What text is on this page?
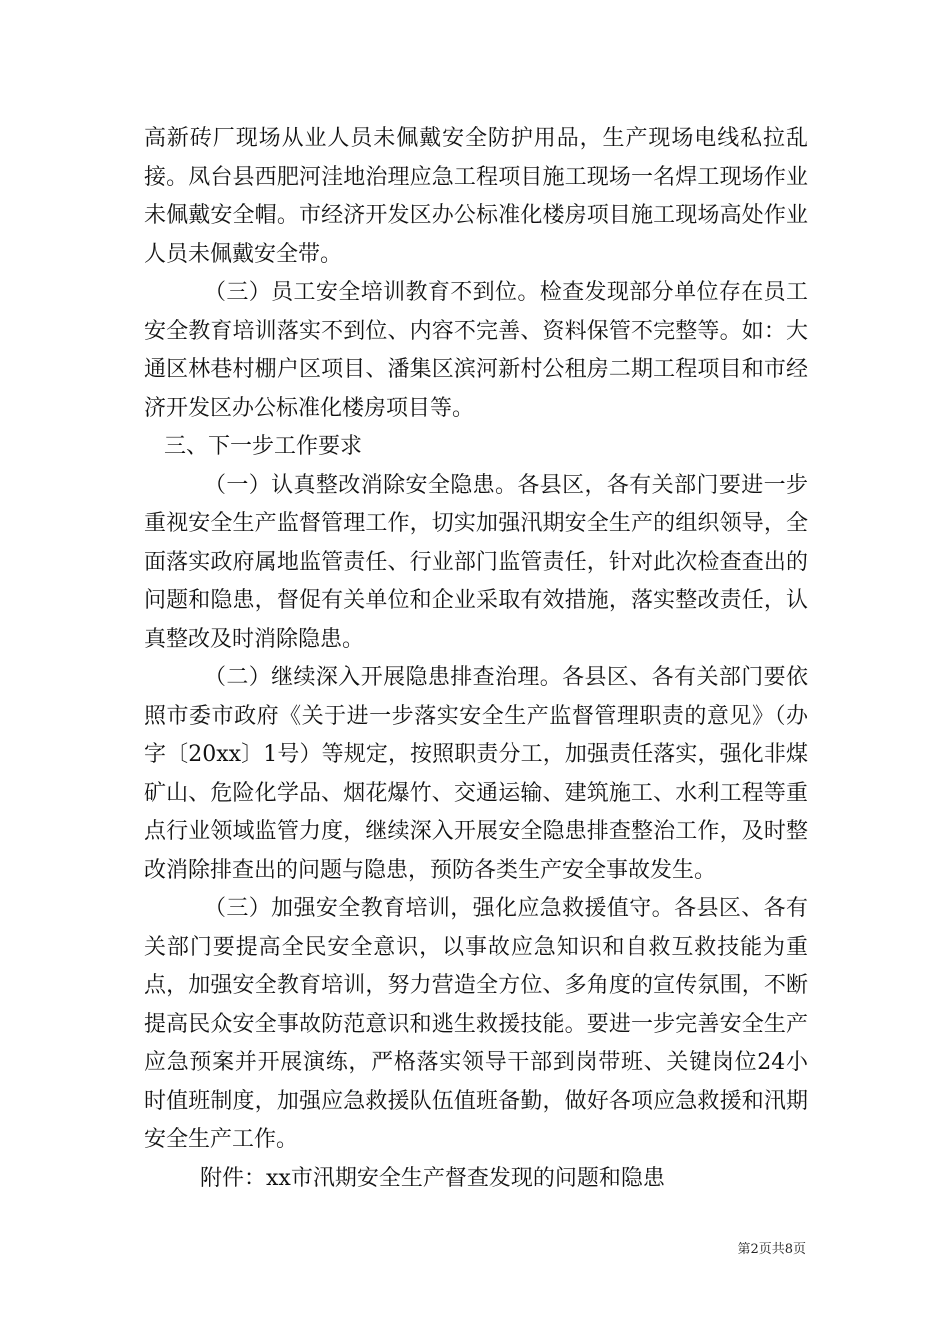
高新砖厂现场从业人员未佩戴安全防护用品，生产现场电线私拉乱接。凤台县西肥河洼地治理应急工程项目施工现场一名焊工现场作业未佩戴安全帽。市经济开发区办公标准化楼房项目施工现场高处作业人员未佩戴安全带。

（三）员工安全培训教育不到位。检查发现部分单位存在员工安全教育培训落实不到位、内容不完善、资料保管不完整等。如：大通区林巷村棚户区项目、潘集区滨河新村公租房二期工程项目和市经济开发区办公标准化楼房项目等。

三、下一步工作要求

（一）认真整改消除安全隐患。各县区，各有关部门要进一步重视安全生产监督管理工作，切实加强汛期安全生产的组织领导，全面落实政府属地监管责任、行业部门监管责任，针对此次检查查出的问题和隐患，督促有关单位和企业采取有效措施，落实整改责任，认真整改及时消除隐患。

（二）继续深入开展隐患排查治理。各县区、各有关部门要依照市委市政府《关于进一步落实安全生产监督管理职责的意见》（办字〔20xx〕1号）等规定，按照职责分工，加强责任落实，强化非煤矿山、危险化学品、烟花爆竹、交通运输、建筑施工、水利工程等重点行业领域监管力度，继续深入开展安全隐患排查整治工作，及时整改消除排查出的问题与隐患，预防各类生产安全事故发生。

（三）加强安全教育培训，强化应急救援值守。各县区、各有关部门要提高全民安全意识，以事故应急知识和自救互救技能为重点，加强安全教育培训，努力营造全方位、多角度的宣传氛围，不断提高民众安全事故防范意识和逃生救援技能。要进一步完善安全生产应急预案并开展演练，严格落实领导干部到岗带班、关键岗位24小时值班制度，加强应急救援队伍值班备勤，做好各项应急救援和汛期安全生产工作。

附件：xx市汛期安全生产督查发现的问题和隐患

第2页共8页
